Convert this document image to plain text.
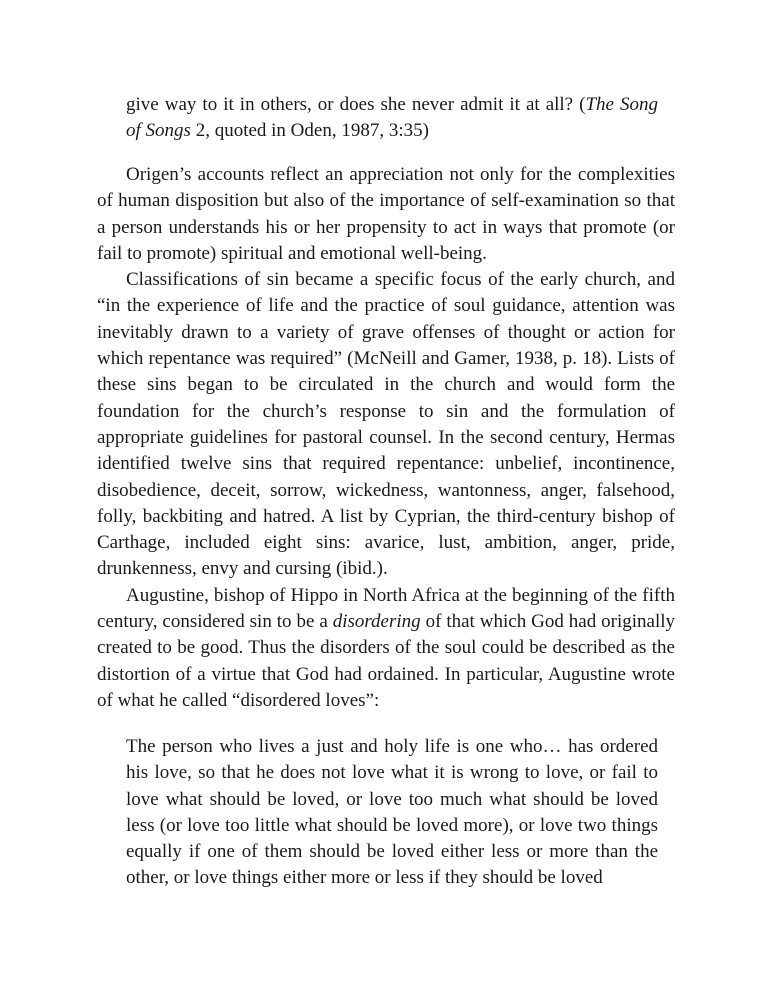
give way to it in others, or does she never admit it at all? (The Song of Songs 2, quoted in Oden, 1987, 3:35)

Origen’s accounts reflect an appreciation not only for the complexities of human disposition but also of the importance of self-examination so that a person understands his or her propensity to act in ways that promote (or fail to promote) spiritual and emotional well-being.

Classifications of sin became a specific focus of the early church, and “in the experience of life and the practice of soul guidance, attention was inevitably drawn to a variety of grave offenses of thought or action for which repentance was required” (McNeill and Gamer, 1938, p. 18). Lists of these sins began to be circulated in the church and would form the foundation for the church’s response to sin and the formulation of appropriate guidelines for pastoral counsel. In the second century, Hermas identified twelve sins that required repentance: unbelief, incontinence, disobedience, deceit, sorrow, wickedness, wantonness, anger, falsehood, folly, backbiting and hatred. A list by Cyprian, the third-century bishop of Carthage, included eight sins: avarice, lust, ambition, anger, pride, drunkenness, envy and cursing (ibid.).

Augustine, bishop of Hippo in North Africa at the beginning of the fifth century, considered sin to be a disordering of that which God had originally created to be good. Thus the disorders of the soul could be described as the distortion of a virtue that God had ordained. In particular, Augustine wrote of what he called “disordered loves”:

The person who lives a just and holy life is one who… has ordered his love, so that he does not love what it is wrong to love, or fail to love what should be loved, or love too much what should be loved less (or love too little what should be loved more), or love two things equally if one of them should be loved either less or more than the other, or love things either more or less if they should be loved
